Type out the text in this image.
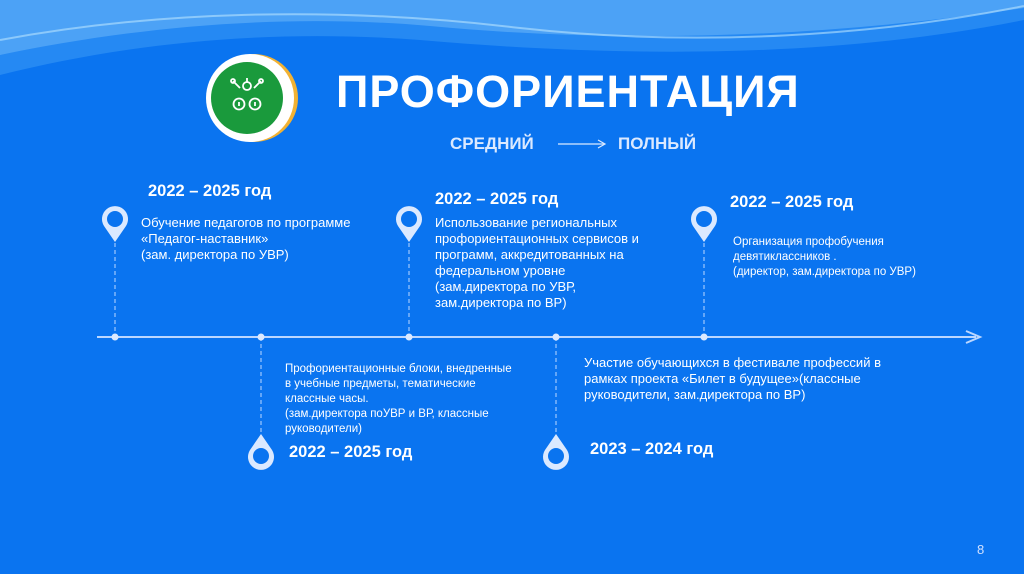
ПРОФОРИЕНТАЦИЯ
СРЕДНИЙ	ПОЛНЫЙ
2022 – 2025 год
Обучение педагогов по программе
«Педагог-наставник»
(зам. директора по УВР)
Профориентационные блоки, внедренные
в учебные предметы, тематические
классные часы.
(зам.директора поУВР и ВР, классные
руководители)
2022 – 2025 год
2022 – 2025 год
Использование региональных
профориентационных сервисов и
программ, аккредитованных на
федеральном уровне
(зам.директора по УВР,
зам.директора по ВР)
Участие обучающихся в фестивале профессий в
рамках проекта «Билет в будущее»(классные
руководители, зам.директора по ВР)
2023 – 2024 год
2022 – 2025 год
Организация профобучения
девятиклассников .
(директор, зам.директора по УВР)
8
